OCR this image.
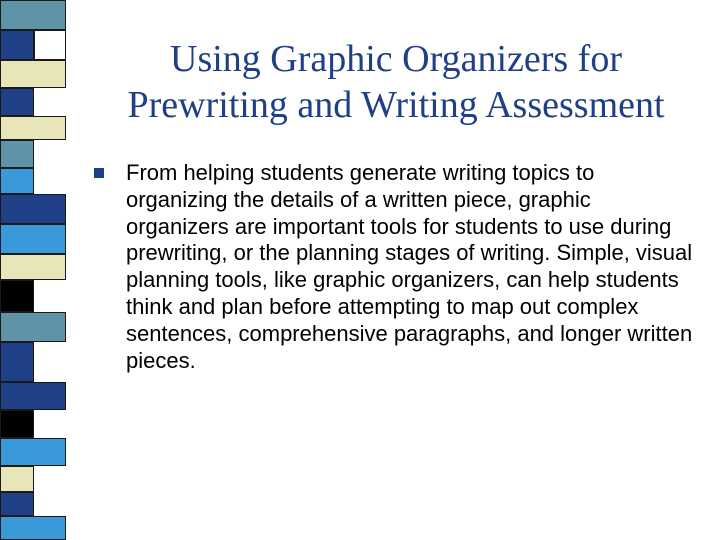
Using Graphic Organizers for
Prewriting and Writing Assessment
From helping students generate writing topics to organizing the details of a written piece, graphic organizers are important tools for students to use during prewriting, or the planning stages of writing. Simple, visual planning tools, like graphic organizers, can help students think and plan before attempting to map out complex sentences, comprehensive paragraphs, and longer written pieces.
